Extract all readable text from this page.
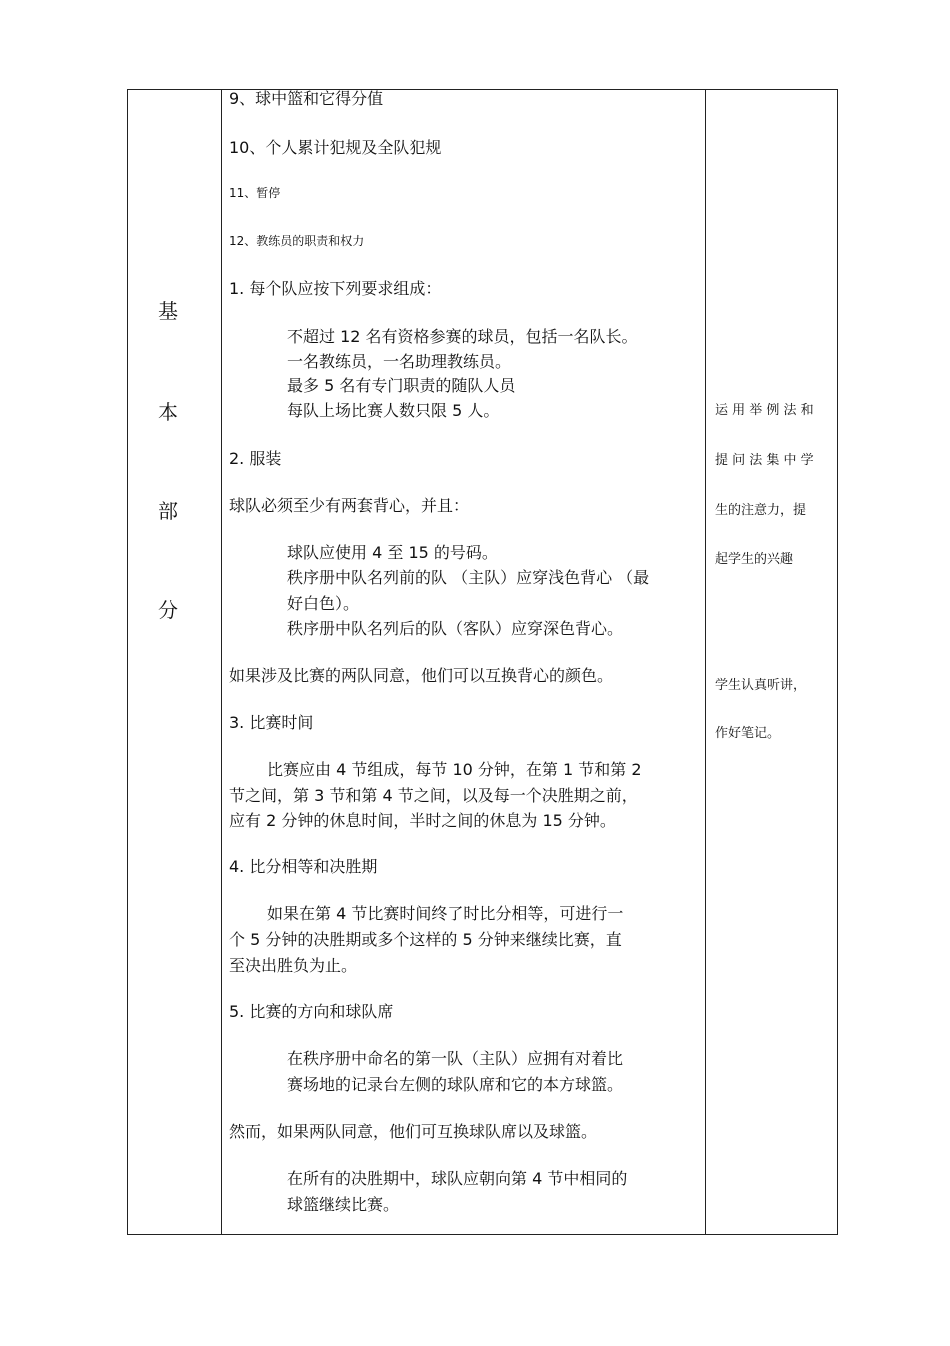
基
本
部
分
9、球中篮和它得分值
10、个人累计犯规及全队犯规
11、暂停
12、教练员的职责和权力
1. 每个队应按下列要求组成：
不超过 12 名有资格参赛的球员，包括一名队长。
一名教练员，一名助理教练员。
最多 5 名有专门职责的随队人员
每队上场比赛人数只限 5 人。
2. 服装
球队必须至少有两套背心，并且：
球队应使用 4 至 15 的号码。
秩序册中队名列前的队 （主队）应穿浅色背心 （最
好白色）。
秩序册中队名列后的队（客队）应穿深色背心。
如果涉及比赛的两队同意，他们可以互换背心的颜色。
3. 比赛时间
比赛应由 4 节组成，每节 10 分钟，在第 1 节和第 2
节之间，第 3 节和第 4 节之间，以及每一个决胜期之前，
应有 2 分钟的休息时间，半时之间的休息为 15 分钟。
4. 比分相等和决胜期
如果在第 4 节比赛时间终了时比分相等，可进行一
个 5 分钟的决胜期或多个这样的 5 分钟来继续比赛，直
至决出胜负为止。
5. 比赛的方向和球队席
在秩序册中命名的第一队（主队）应拥有对着比
赛场地的记录台左侧的球队席和它的本方球篮。
然而，如果两队同意，他们可互换球队席以及球篮。
在所有的决胜期中，球队应朝向第 4 节中相同的
球篮继续比赛。
运 用 举 例 法 和
提 问 法 集 中 学
生的注意力，提
起学生的兴趣
学生认真听讲，
作好笔记。
